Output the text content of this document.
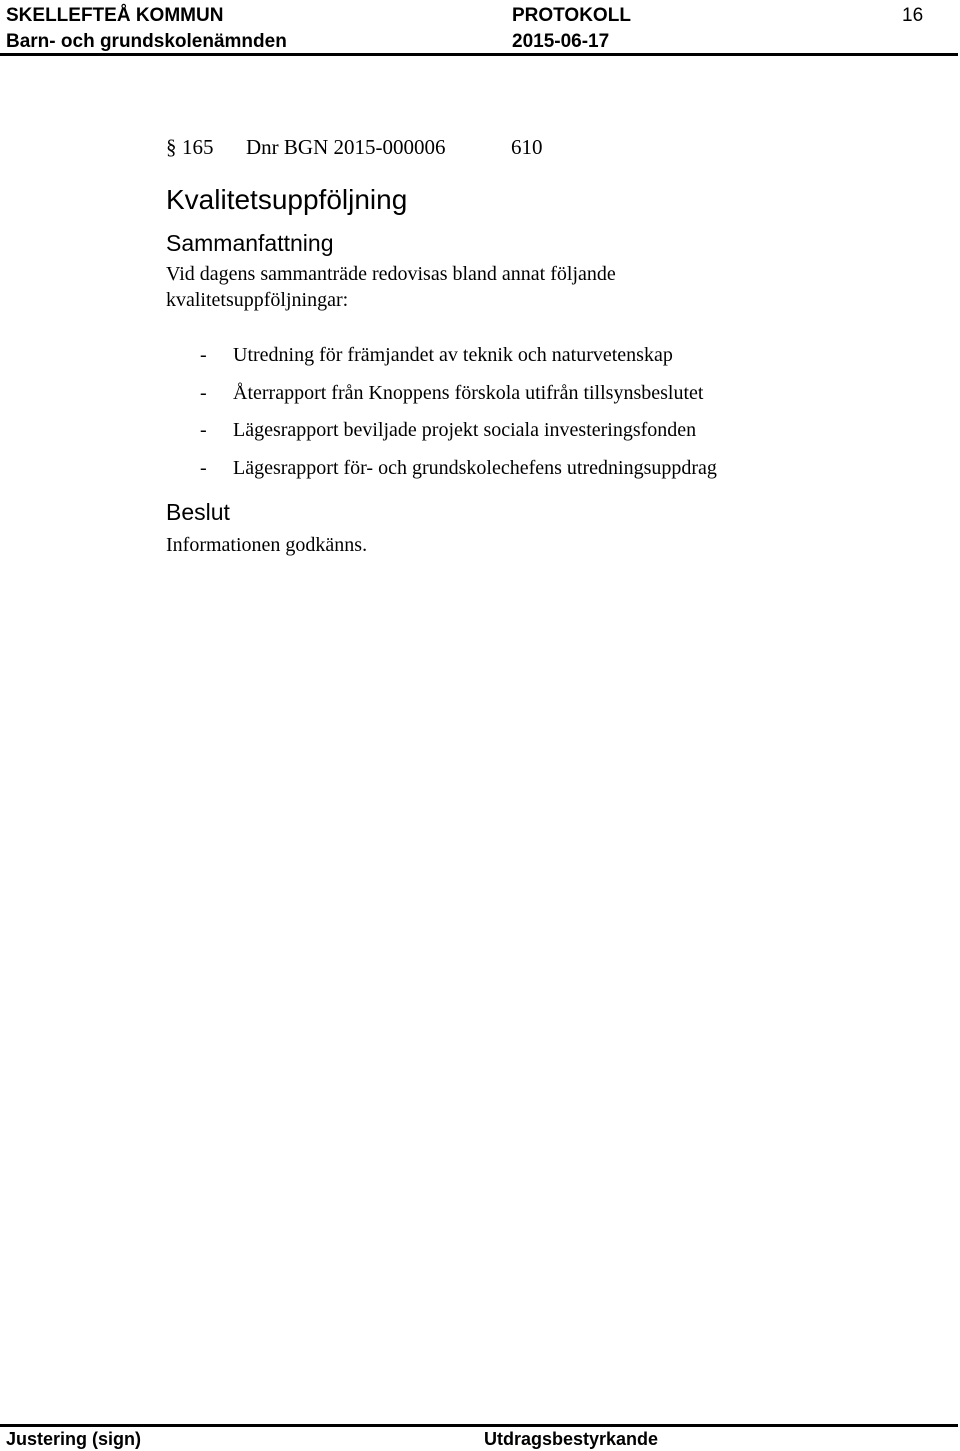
SKELLEFTEÅ KOMMUN
Barn- och grundskolenämnden
PROTOKOLL
2015-06-17
16
§ 165 Dnr BGN 2015-000006	610
Kvalitetsuppföljning
Sammanfattning
Vid dagens sammanträde redovisas bland annat följande
kvalitetsuppföljningar:
- Utredning för främjandet av teknik och naturvetenskap
- Återrapport från Knoppens förskola utifrån tillsynsbeslutet
- Lägesrapport beviljade projekt sociala investeringsfonden
- Lägesrapport för- och grundskolechefens utredningsuppdrag
Beslut
Informationen godkänns.
Justering (sign)	Utdragsbestyrkande
